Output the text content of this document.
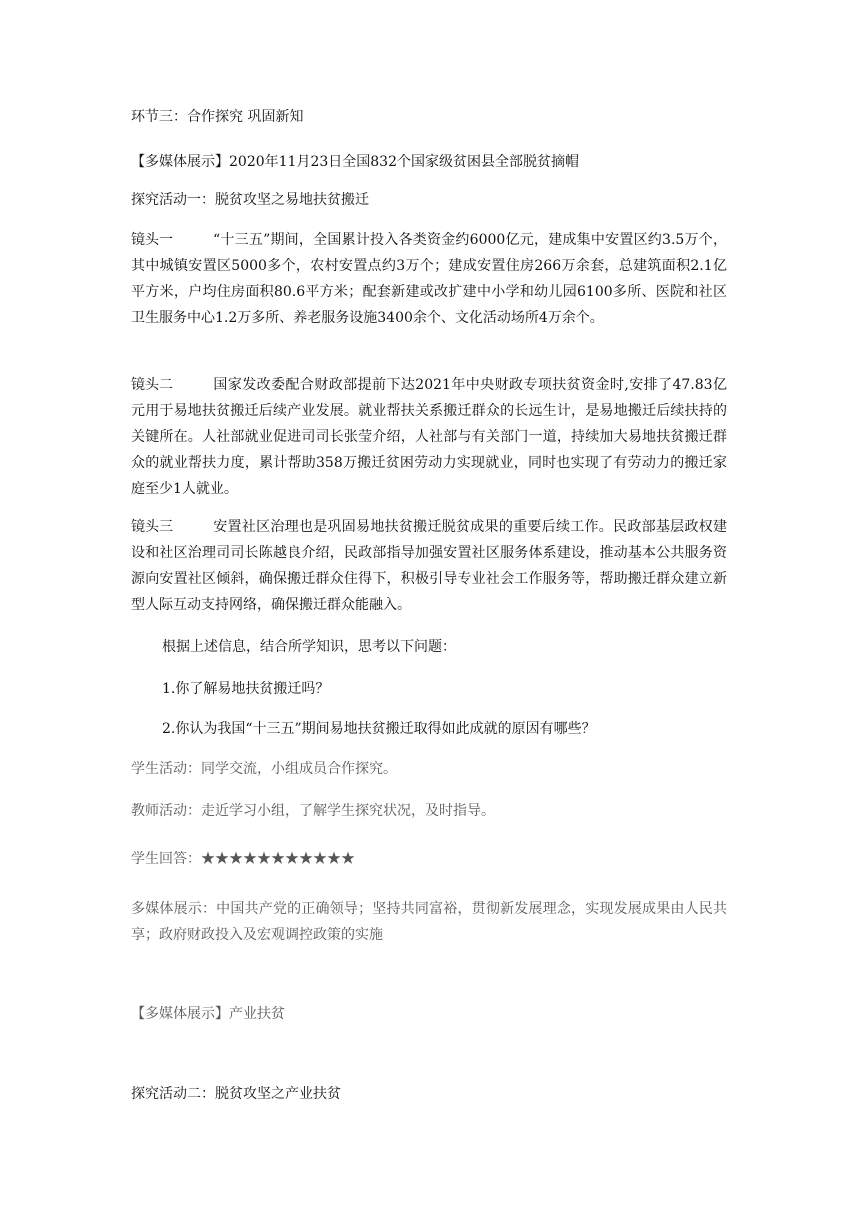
环节三：合作探究 巩固新知
【多媒体展示】2020年11月23日全国832个国家级贫困县全部脱贫摘帽
探究活动一：脱贫攻坚之易地扶贫搬迁
镜头一	“十三五”期间，全国累计投入各类资金约6000亿元，建成集中安置区约3.5万个，其中城镇安置区5000多个，农村安置点约3万个；建成安置住房266万余套，总建筑面积2.1亿平方米，户均住房面积80.6平方米；配套新建或改扩建中小学和幼儿园6100多所、医院和社区卫生服务中心1.2万多所、养老服务设施3400余个、文化活动场所4万余个。
镜头二	国家发改委配合财政部提前下达2021年中央财政专项扶贫资金时,安排了47.83亿元用于易地扶贫搬迁后续产业发展。就业帮扶关系搬迁群众的长远生计，是易地搬迁后续扶持的关键所在。人社部就业促进司司长张莹介绍，人社部与有关部门一道，持续加大易地扶贫搬迁群众的就业帮扶力度，累计帮助358万搬迁贫困劳动力实现就业，同时也实现了有劳动力的搬迁家庭至少1人就业。
镜头三	安置社区治理也是巩固易地扶贫搬迁脱贫成果的重要后续工作。民政部基层政权建设和社区治理司司长陈越良介绍，民政部指导加强安置社区服务体系建设，推动基本公共服务资源向安置社区倾斜，确保搬迁群众住得下，积极引导专业社会工作服务等，帮助搬迁群众建立新型人际互动支持网络，确保搬迁群众能融入。
根据上述信息，结合所学知识，思考以下问题：
1.你了解易地扶贫搬迁吗？
2.你认为我国“十三五”期间易地扶贫搬迁取得如此成就的原因有哪些？
学生活动：同学交流，小组成员合作探究。
教师活动：走近学习小组，了解学生探究状况，及时指导。
学生回答：★★★★★★★★★★★
多媒体展示：中国共产党的正确领导；坚持共同富裕，贯彻新发展理念，实现发展成果由人民共享；政府财政投入及宏观调控政策的实施
【多媒体展示】产业扶贫
探究活动二：脱贫攻坚之产业扶贫
